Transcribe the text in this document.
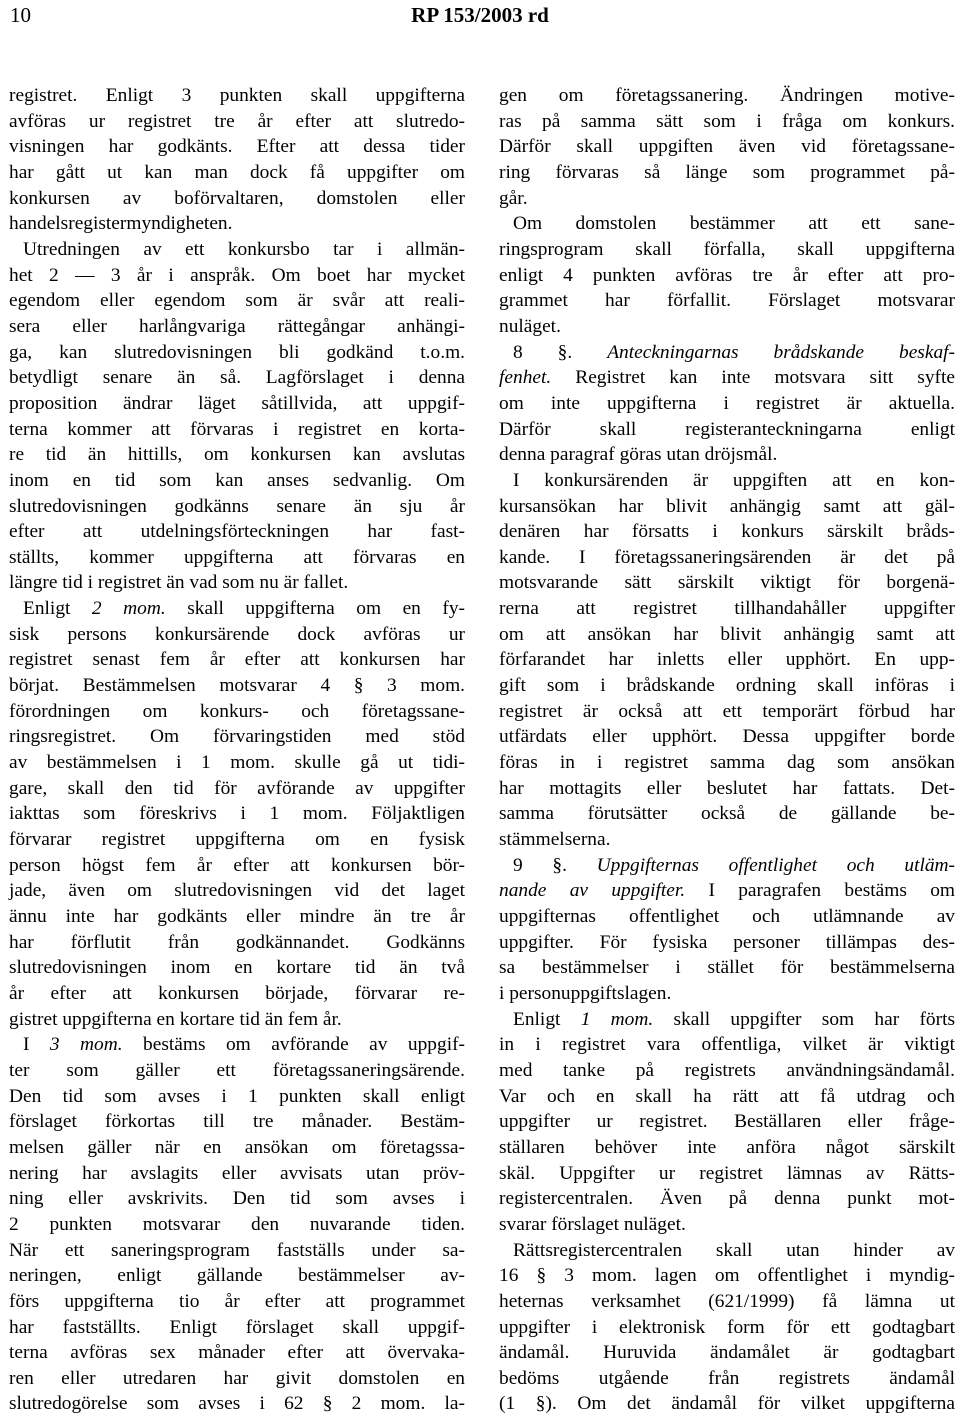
10	RP 153/2003 rd
registret. Enligt 3 punkten skall uppgifterna
avföras ur registret tre år efter att slutredo-
visningen har godkänts. Efter att dessa tider
har gått ut kan man dock få uppgifter om
konkursen av boförvaltaren, domstolen eller
handelsregistermyndigheten.
Utredningen av ett konkursbo tar i allmän-
het 2 — 3 år i anspråk. Om boet har mycket
egendom eller egendom som är svår att reali-
sera eller harlångvariga rättegångar anhängi-
ga, kan slutredovisningen bli godkänd t.o.m.
betydligt senare än så. Lagförslaget i denna
proposition ändrar läget såtillvida, att uppgif-
terna kommer att förvaras i registret en korta-
re tid än hittills, om konkursen kan avslutas
inom en tid som kan anses sedvanlig. Om
slutredovisningen godkänns senare än sju år
efter att utdelningsförteckningen har fast-
ställts, kommer uppgifterna att förvaras en
längre tid i registret än vad som nu är fallet.
Enligt 2 mom. skall uppgifterna om en fy-
sisk persons konkursärende dock avföras ur
registret senast fem år efter att konkursen har
börjat. Bestämmelsen motsvarar 4 § 3 mom.
förordningen om konkurs- och företagssane-
ringsregistret. Om förvaringstiden med stöd
av bestämmelsen i 1 mom. skulle gå ut tidi-
gare, skall den tid för avförande av uppgifter
iakttas som föreskrivs i 1 mom. Följaktligen
förvarar registret uppgifterna om en fysisk
person högst fem år efter att konkursen bör-
jade, även om slutredovisningen vid det laget
ännu inte har godkänts eller mindre än tre år
har förflutit från godkännandet. Godkänns
slutredovisningen inom en kortare tid än två
år efter att konkursen började, förvarar re-
gistret uppgifterna en kortare tid än fem år.
I 3 mom. bestäms om avförande av uppgif-
ter som gäller ett företagssaneringsärende.
Den tid som avses i 1 punkten skall enligt
förslaget förkortas till tre månader. Bestäm-
melsen gäller när en ansökan om företagssa-
nering har avslagits eller avvisats utan pröv-
ning eller avskrivits. Den tid som avses i
2 punkten motsvarar den nuvarande tiden.
När ett saneringsprogram fastställs under sa-
neringen, enligt gällande bestämmelser av-
förs uppgifterna tio år efter att programmet
har fastställts. Enligt förslaget skall uppgif-
terna avföras sex månader efter att övervaka-
ren eller utredaren har givit domstolen en
slutredogörelse som avses i 62 § 2 mom. la-
gen om företagssanering. Ändringen motive-
ras på samma sätt som i fråga om konkurs.
Därför skall uppgiften även vid företagssane-
ring förvaras så länge som programmet på-
går.
Om domstolen bestämmer att ett sane-
ringsprogram skall förfalla, skall uppgifterna
enligt 4 punkten avföras tre år efter att pro-
grammet har förfallit. Förslaget motsvarar
nuläget.
8 §. Anteckningarnas brådskande beskaf-
fenhet. Registret kan inte motsvara sitt syfte
om inte uppgifterna i registret är aktuella.
Därför skall registeranteckningarna enligt
denna paragraf göras utan dröjsmål.
I konkursärenden är uppgiften att en kon-
kursansökan har blivit anhängig samt att gäl-
denären har försatts i konkurs särskilt bråds-
kande. I företagssaneringsärenden är det på
motsvarande sätt särskilt viktigt för borgenä-
rerna att registret tillhandahåller uppgifter
om att ansökan har blivit anhängig samt att
förfarandet har inletts eller upphört. En upp-
gift som i brådskande ordning skall införas i
registret är också att ett temporärt förbud har
utfärdats eller upphört. Dessa uppgifter borde
föras in i registret samma dag som ansökan
har mottagits eller beslutet har fattats. Det-
samma förutsätter också de gällande be-
stämmelserna.
9 §. Uppgifternas offentlighet och utläm-
nande av uppgifter. I paragrafen bestäms om
uppgifternas offentlighet och utlämnande av
uppgifter. För fysiska personer tillämpas des-
sa bestämmelser i stället för bestämmelserna
i personuppgiftslagen.
Enligt 1 mom. skall uppgifter som har förts
in i registret vara offentliga, vilket är viktigt
med tanke på registrets användningsändamål.
Var och en skall ha rätt att få utdrag och
uppgifter ur registret. Beställaren eller fråge-
ställaren behöver inte anföra något särskilt
skäl. Uppgifter ur registret lämnas av Rätts-
registercentralen. Även på denna punkt mot-
svarar förslaget nuläget.
Rättsregistercentralen skall utan hinder av
16 § 3 mom. lagen om offentlighet i myndig-
heternas verksamhet (621/1999) få lämna ut
uppgifter i elektronisk form för ett godtagbart
ändamål. Huruvida ändamålet är godtagbart
bedöms utgående från registrets ändamål
(1 §). Om det ändamål för vilket uppgifterna
